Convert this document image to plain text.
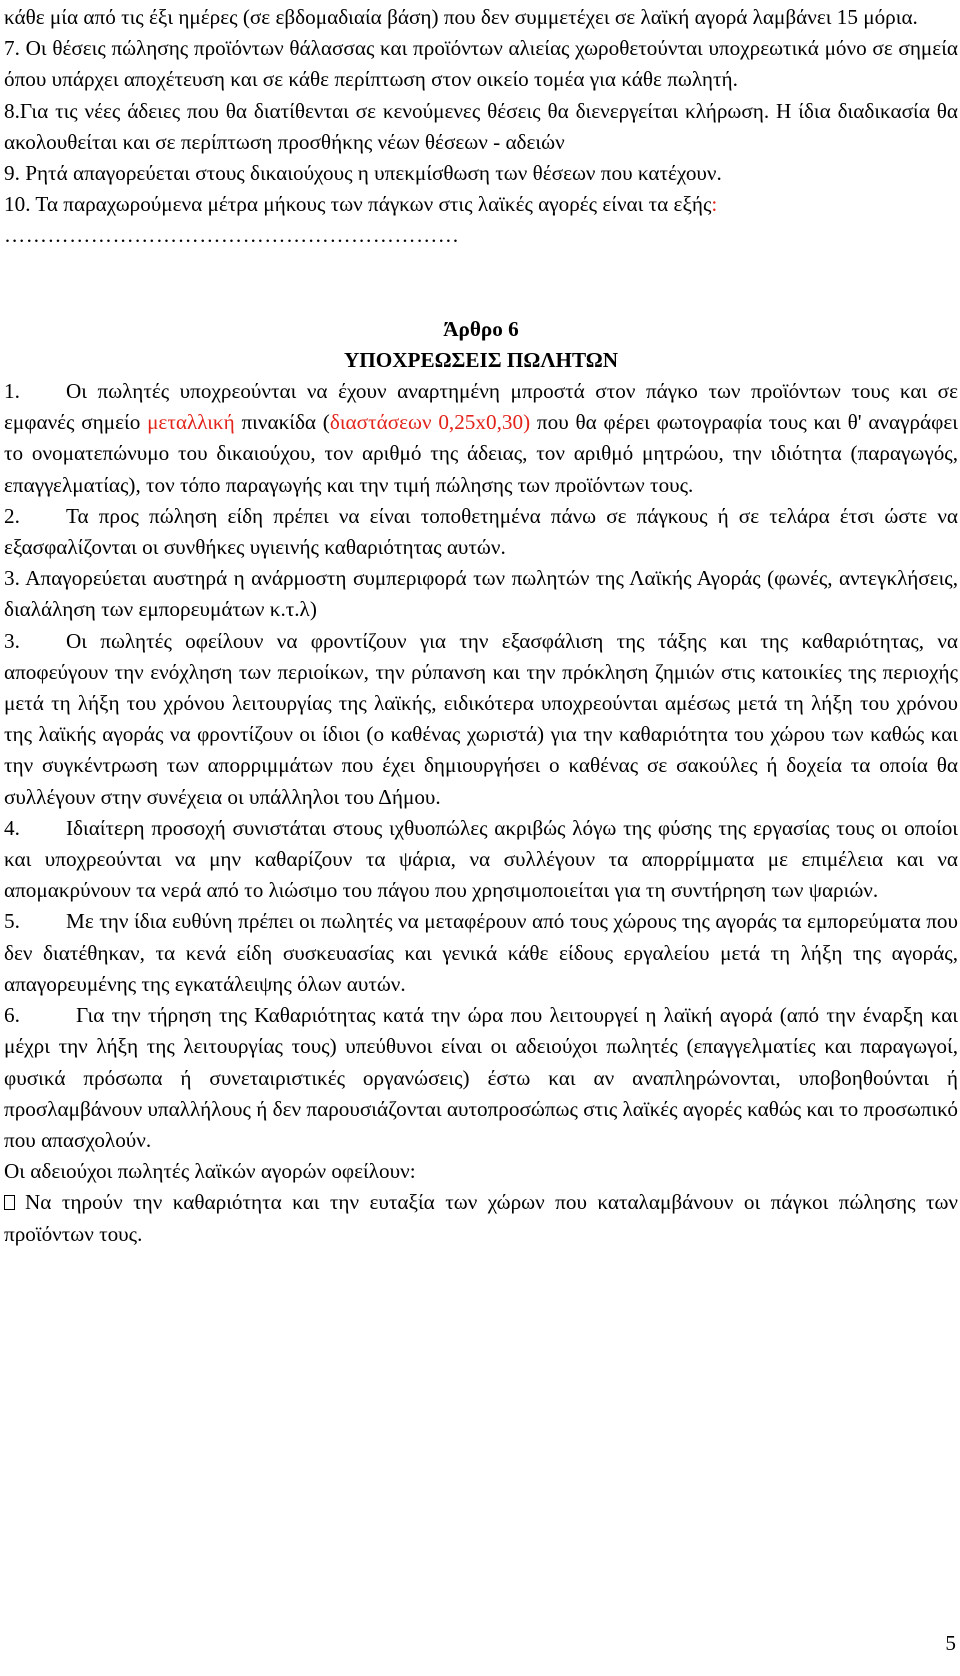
κάθε μία από τις έξι ημέρες (σε εβδομαδιαία βάση) που δεν συμμετέχει σε λαϊκή αγορά λαμβάνει 15 μόρια.

7. Οι θέσεις πώλησης προϊόντων θάλασσας και προϊόντων αλιείας χωροθετούνται υποχρεωτικά μόνο σε σημεία όπου υπάρχει αποχέτευση και σε κάθε περίπτωση στον οικείο τομέα για κάθε πωλητή.

8.Για τις νέες άδειες που θα διατίθενται σε κενούμενες θέσεις θα διενεργείται κλήρωση. Η ίδια διαδικασία θα ακολουθείται και σε περίπτωση προσθήκης νέων θέσεων - αδειών

9. Ρητά απαγορεύεται στους δικαιούχους η υπεκμίσθωση των θέσεων που κατέχουν.

10. Τα παραχωρούμενα μέτρα μήκους των πάγκων στις λαϊκές αγορές είναι τα εξής:

………………………………………………………

Άρθρο 6

ΥΠΟΧΡΕΩΣΕΙΣ ΠΩΛΗΤΩΝ

1. Οι πωλητές υποχρεούνται να έχουν αναρτημένη μπροστά στον πάγκο των προϊόντων τους και σε εμφανές σημείο μεταλλική πινακίδα (διαστάσεων 0,25x0,30) που θα φέρει φωτογραφία τους και θ' αναγράφει το ονοματεπώνυμο του δικαιούχου, τον αριθμό της άδειας, τον αριθμό μητρώου, την ιδιότητα (παραγωγός, επαγγελματίας), τον τόπο παραγωγής και την τιμή πώλησης των προϊόντων τους.

2. Τα προς πώληση είδη πρέπει να είναι τοποθετημένα πάνω σε πάγκους ή σε τελάρα έτσι ώστε να εξασφαλίζονται οι συνθήκες υγιεινής καθαριότητας αυτών.

3. Απαγορεύεται αυστηρά η ανάρμοστη συμπεριφορά των πωλητών της Λαϊκής Αγοράς (φωνές, αντεγκλήσεις, διαλάληση των εμπορευμάτων κ.τ.λ)

3. Οι πωλητές οφείλουν να φροντίζουν για την εξασφάλιση της τάξης και της καθαριότητας, να αποφεύγουν την ενόχληση των περιοίκων, την ρύπανση και την πρόκληση ζημιών στις κατοικίες της περιοχής μετά τη λήξη του χρόνου λειτουργίας της λαϊκής, ειδικότερα υποχρεούνται αμέσως μετά τη λήξη του χρόνου της λαϊκής αγοράς να φροντίζουν οι ίδιοι (ο καθένας χωριστά) για την καθαριότητα του χώρου των καθώς και την συγκέντρωση των απορριμμάτων που έχει δημιουργήσει ο καθένας σε σακούλες ή δοχεία τα οποία θα συλλέγουν στην συνέχεια οι υπάλληλοι του Δήμου.

4. Ιδιαίτερη προσοχή συνιστάται στους ιχθυοπώλες ακριβώς λόγω της φύσης της εργασίας τους οι οποίοι και υποχρεούνται να μην καθαρίζουν τα ψάρια, να συλλέγουν τα απορρίμματα με επιμέλεια και να απομακρύνουν τα νερά από το λιώσιμο του πάγου που χρησιμοποιείται για τη συντήρηση των ψαριών.

5. Με την ίδια ευθύνη πρέπει οι πωλητές να μεταφέρουν από τους χώρους της αγοράς τα εμπορεύματα που δεν διατέθηκαν, τα κενά είδη συσκευασίας και γενικά κάθε είδους εργαλείου μετά τη λήξη της αγοράς, απαγορευμένης της εγκατάλειψης όλων αυτών.

6.	Για την τήρηση της Καθαριότητας κατά την ώρα που λειτουργεί η λαϊκή αγορά (από την έναρξη και μέχρι την λήξη της λειτουργίας τους) υπεύθυνοι είναι οι αδειούχοι πωλητές (επαγγελματίες και παραγωγοί, φυσικά πρόσωπα ή συνεταιριστικές οργανώσεις) έστω και αν αναπληρώνονται, υποβοηθούνται ή προσλαμβάνουν υπαλλήλους ή δεν παρουσιάζονται αυτοπροσώπως στις λαϊκές αγορές καθώς και το προσωπικό που απασχολούν.

Οι αδειούχοι πωλητές λαϊκών αγορών οφείλουν:

Να τηρούν την καθαριότητα και την ευταξία των χώρων που καταλαμβάνουν οι πάγκοι πώλησης των προϊόντων τους.

5
